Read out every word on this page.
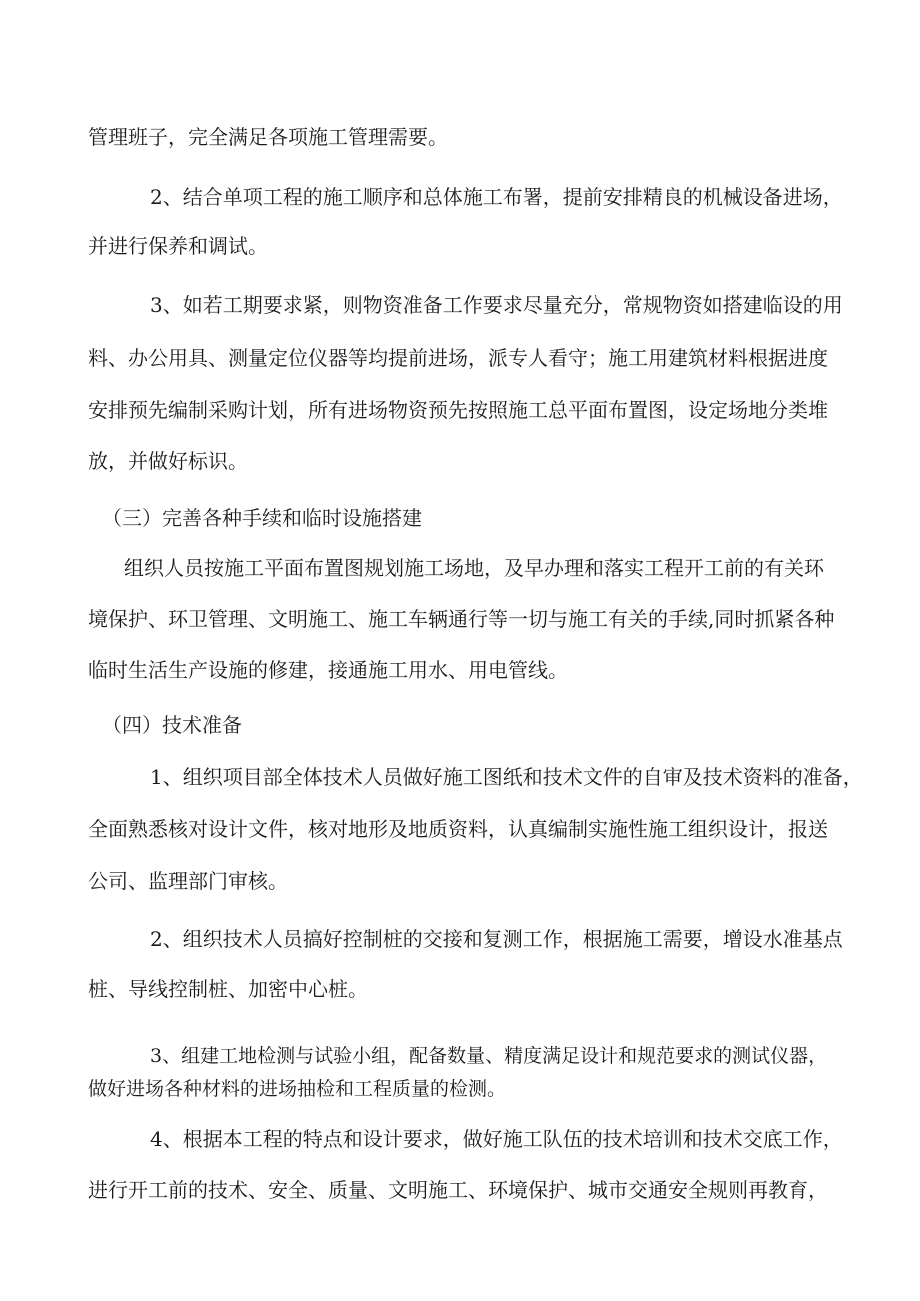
管理班子，完全满足各项施工管理需要。
2、结合单项工程的施工顺序和总体施工布署，提前安排精良的机械设备进场，
并进行保养和调试。
3、如若工期要求紧，则物资准备工作要求尽量充分，常规物资如搭建临设的用
料、办公用具、测量定位仪器等均提前进场，派专人看守；施工用建筑材料根据进度
安排预先编制采购计划，所有进场物资预先按照施工总平面布置图，设定场地分类堆
放，并做好标识。
（三）完善各种手续和临时设施搭建
组织人员按施工平面布置图规划施工场地，及早办理和落实工程开工前的有关环
境保护、环卫管理、文明施工、施工车辆通行等一切与施工有关的手续,同时抓紧各种
临时生活生产设施的修建，接通施工用水、用电管线。
（四）技术准备
1、组织项目部全体技术人员做好施工图纸和技术文件的自审及技术资料的准备，
全面熟悉核对设计文件，核对地形及地质资料，认真编制实施性施工组织设计，报送
公司、监理部门审核。
2、组织技术人员搞好控制桩的交接和复测工作，根据施工需要，增设水准基点
桩、导线控制桩、加密中心桩。
3、组建工地检测与试验小组，配备数量、精度满足设计和规范要求的测试仪器，
做好进场各种材料的进场抽检和工程质量的检测。
4、根据本工程的特点和设计要求，做好施工队伍的技术培训和技术交底工作，
进行开工前的技术、安全、质量、文明施工、环境保护、城市交通安全规则再教育，
